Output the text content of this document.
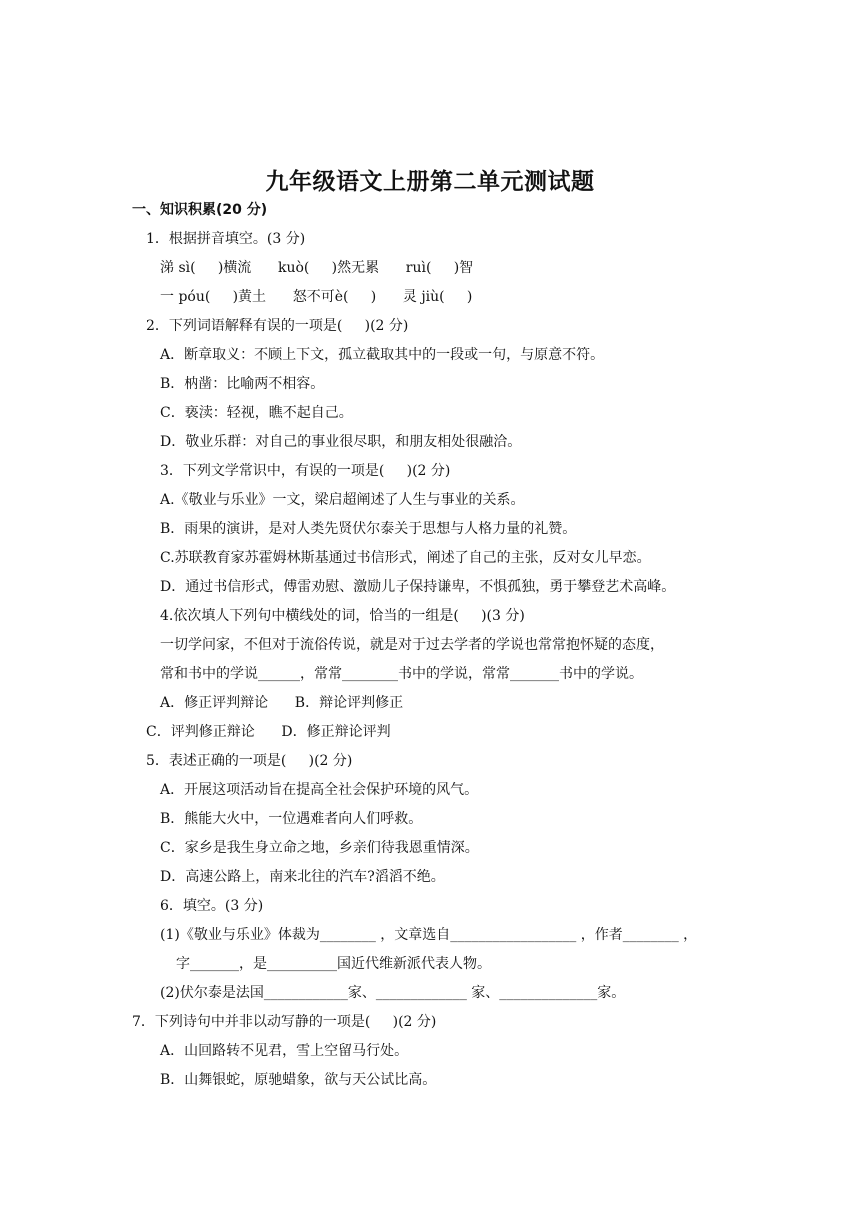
九年级语文上册第二单元测试题

一、知识积累(20 分)

1．根据拼音填空。(3 分)

涕 sì(     )横流      kuò(     )然无累      ruì(     )智

一 póu(     )黄土      怒不可è(     )      灵 jiù(     )

2．下列词语解释有误的一项是(     )(2 分)

A．断章取义：不顾上下文，孤立截取其中的一段或一句，与原意不符。

B．枘凿：比喻两不相容。

C．亵渎：轻视，瞧不起自己。

D．敬业乐群：对自己的事业很尽职，和朋友相处很融洽。

3．下列文学常识中，有误的一项是(     )(2 分)

A.《敬业与乐业》一文，梁启超阐述了人生与事业的关系。

B．雨果的演讲，是对人类先贤伏尔泰关于思想与人格力量的礼赞。

C.苏联教育家苏霍姆林斯基通过书信形式，阐述了自己的主张，反对女儿早恋。

D．通过书信形式，傅雷劝慰、激励儿子保持谦卑，不惧孤独，勇于攀登艺术高峰。

4.依次填人下列句中横线处的词，恰当的一组是(     )(3 分)

一切学问家，不但对于流俗传说，就是对于过去学者的学说也常常抱怀疑的态度，

常和书中的学说______，常常________书中的学说，常常_______书中的学说。

A．修正评判辩论      B．辩论评判修正

C．评判修正辩论      D．修正辩论评判

5．表述正确的一项是(     )(2 分)

A．开展这项活动旨在提高全社会保护环境的风气。

B．熊能大火中，一位遇难者向人们呼救。

C．家乡是我生身立命之地，乡亲们待我恩重情深。

D．高速公路上，南来北往的汽车?滔滔不绝。

6．填空。(3 分)

(1)《敬业与乐业》体裁为________ ，文章选自__________________ ，作者________ ，

字_______，是__________国近代维新派代表人物。

(2)伏尔泰是法国____________家、_____________ 家、______________家。

7．下列诗句中并非以动写静的一项是(     )(2 分)

A．山回路转不见君，雪上空留马行处。

B．山舞银蛇，原驰蜡象，欲与天公试比高。
